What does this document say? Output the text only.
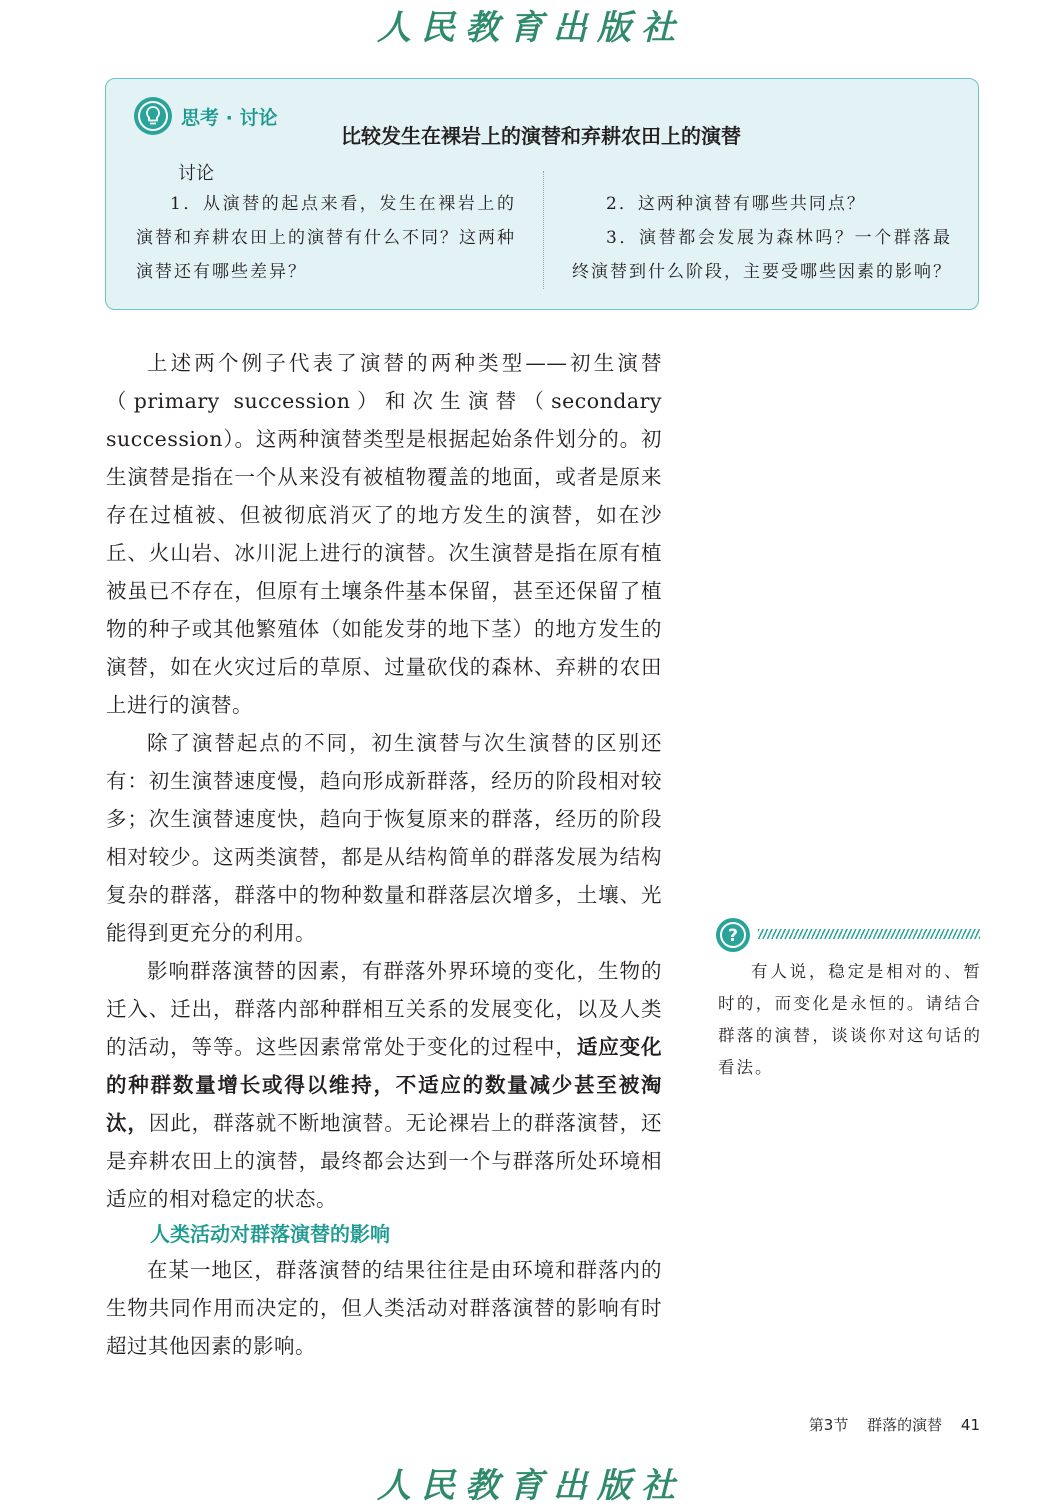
人民教育出版社
思考 · 讨论
比较发生在裸岩上的演替和弃耕农田上的演替
讨论

1．从演替的起点来看，发生在裸岩上的演替和弃耕农田上的演替有什么不同？这两种演替还有哪些差异？

2．这两种演替有哪些共同点？

3．演替都会发展为森林吗？一个群落最终演替到什么阶段，主要受哪些因素的影响？

上述两个例子代表了演替的两种类型——初生演替（primary succession）和次生演替（secondary succession）。这两种演替类型是根据起始条件划分的。初生演替是指在一个从来没有被植物覆盖的地面，或者是原来存在过植被、但被彻底消灭了的地方发生的演替，如在沙丘、火山岩、冰川泥上进行的演替。次生演替是指在原有植被虽已不存在，但原有土壤条件基本保留，甚至还保留了植物的种子或其他繁殖体（如能发芽的地下茎）的地方发生的演替，如在火灾过后的草原、过量砍伐的森林、弃耕的农田上进行的演替。

除了演替起点的不同，初生演替与次生演替的区别还有：初生演替速度慢，趋向形成新群落，经历的阶段相对较多；次生演替速度快，趋向于恢复原来的群落，经历的阶段相对较少。这两类演替，都是从结构简单的群落发展为结构复杂的群落，群落中的物种数量和群落层次增多，土壤、光能得到更充分的利用。

影响群落演替的因素，有群落外界环境的变化，生物的迁入、迁出，群落内部种群相互关系的发展变化，以及人类的活动，等等。这些因素常常处于变化的过程中，适应变化的种群数量增长或得以维持，不适应的数量减少甚至被淘汰，因此，群落就不断地演替。无论裸岩上的群落演替，还是弃耕农田上的演替，最终都会达到一个与群落所处环境相适应的相对稳定的状态。

人类活动对群落演替的影响

在某一地区，群落演替的结果往往是由环境和群落内的生物共同作用而决定的，但人类活动对群落演替的影响有时超过其他因素的影响。

?

有人说，稳定是相对的、暂时的，而变化是永恒的。请结合群落的演替，谈谈你对这句话的看法。

第3节 群落的演替 41
人民教育出版社
